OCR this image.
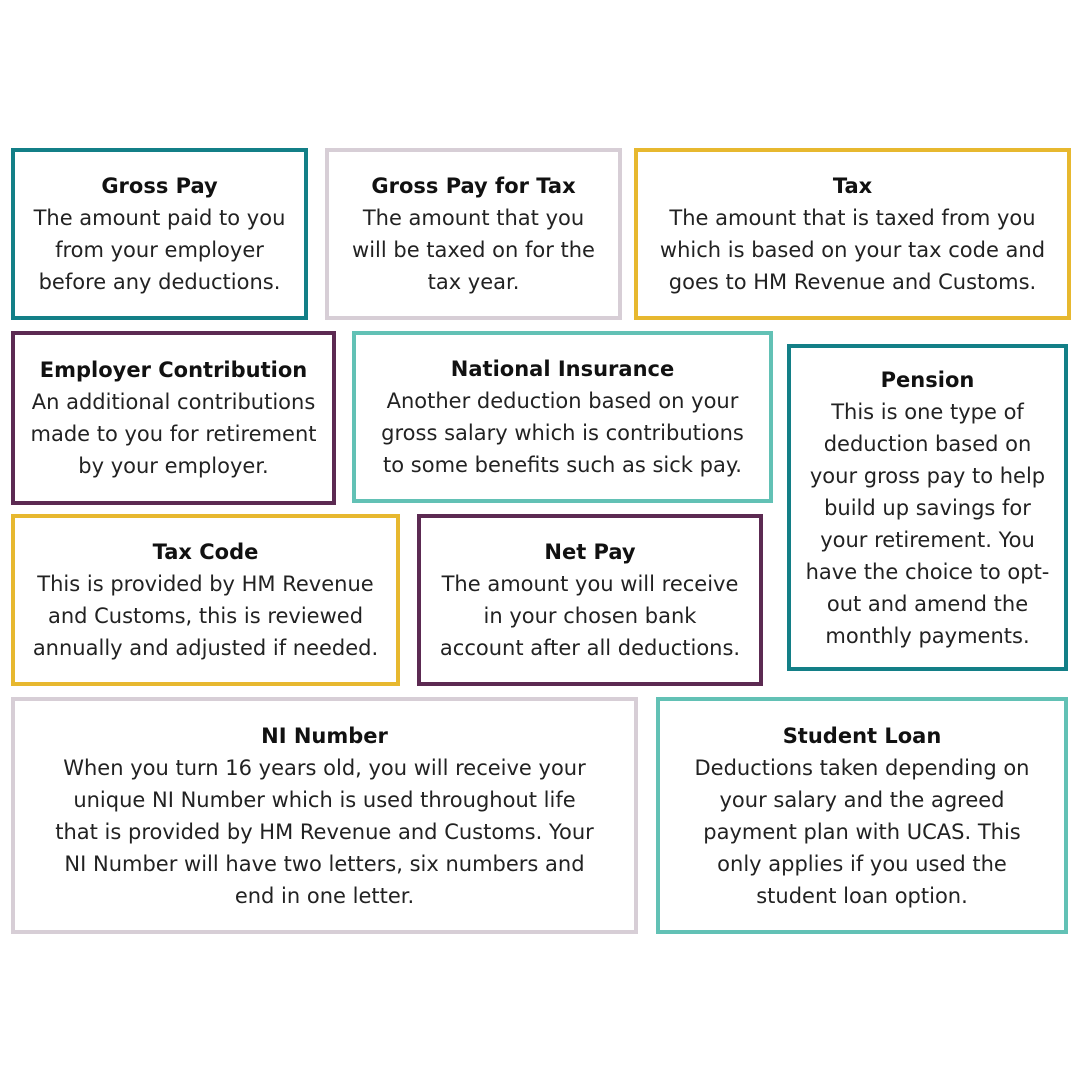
Gross Pay
The amount paid to you
from your employer
before any deductions.
Gross Pay for Tax
The amount that you
will be taxed on for the
tax year.
Tax
The amount that is taxed from you
which is based on your tax code and
goes to HM Revenue and Customs.
Employer Contribution
An additional contributions
made to you for retirement
by your employer.
National Insurance
Another deduction based on your
gross salary which is contributions
to some benefits such as sick pay.
Pension
This is one type of
deduction based on
your gross pay to help
build up savings for
your retirement. You
have the choice to opt-
out and amend the
monthly payments.
Tax Code
This is provided by HM Revenue
and Customs, this is reviewed
annually and adjusted if needed.
Net Pay
The amount you will receive
in your chosen bank
account after all deductions.
NI Number
When you turn 16 years old, you will receive your
unique NI Number which is used throughout life
that is provided by HM Revenue and Customs. Your
NI Number will have two letters, six numbers and
end in one letter.
Student Loan
Deductions taken depending on
your salary and the agreed
payment plan with UCAS. This
only applies if you used the
student loan option.
